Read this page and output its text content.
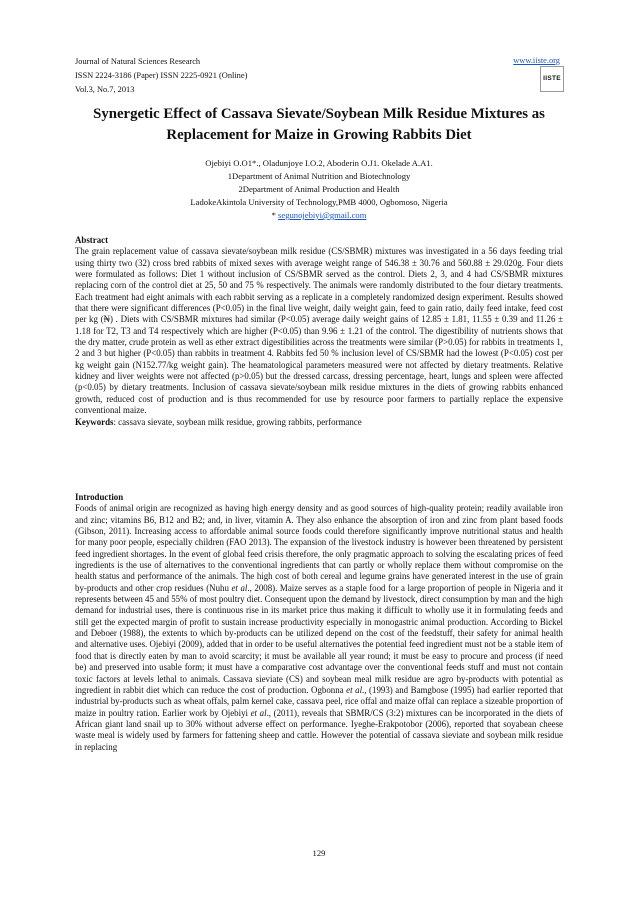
Journal of Natural Sciences Research
ISSN 2224-3186 (Paper) ISSN 2225-0921 (Online)
Vol.3, No.7, 2013
www.iiste.org
IISTE
Synergetic Effect of Cassava Sievate/Soybean Milk Residue Mixtures as Replacement for Maize in Growing Rabbits Diet
Ojebiyi O.O1*., Oladunjoye I.O.2, Aboderin O.J1. Okelade A.A1.
1Department of Animal Nutrition and Biotechnology
2Department of Animal Production and Health
LadokeAkintola University of Technology,PMB 4000, Ogbomoso, Nigeria
* segunojebiyi@gmail.com
Abstract
The grain replacement value of cassava sievate/soybean milk residue (CS/SBMR) mixtures was investigated in a 56 days feeding trial using thirty two (32) cross bred rabbits of mixed sexes with average weight range of 546.38 ± 30.76 and 560.88 ± 29.020g. Four diets were formulated as follows: Diet 1 without inclusion of CS/SBMR served as the control. Diets 2, 3, and 4 had CS/SBMR mixtures replacing corn of the control diet at 25, 50 and 75 % respectively. The animals were randomly distributed to the four dietary treatments. Each treatment had eight animals with each rabbit serving as a replicate in a completely randomized design experiment. Results showed that there were significant differences (P<0.05) in the final live weight, daily weight gain, feed to gain ratio, daily feed intake, feed cost per kg (₦) . Diets with CS/SBMR mixtures had similar (P<0.05) average daily weight gains of 12.85 ± 1.81, 11.55 ± 0.39 and 11.26 ± 1.18 for T2, T3 and T4 respectively which are higher (P<0.05) than 9.96 ± 1.21 of the control. The digestibility of nutrients shows that the dry matter, crude protein as well as ether extract digestibilities across the treatments were similar (P>0.05) for rabbits in treatments 1, 2 and 3 but higher (P<0.05) than rabbits in treatment 4. Rabbits fed 50 % inclusion level of CS/SBMR had the lowest (P<0.05) cost per kg weight gain (N152.77/kg weight gain). The heamatological parameters measured were not affected by dietary treatments. Relative kidney and liver weights were not affected (p>0.05) but the dressed carcass, dressing percentage, heart, lungs and spleen were affected (p<0.05) by dietary treatments. Inclusion of cassava sievate/soybean milk residue mixtures in the diets of growing rabbits enhanced growth, reduced cost of production and is thus recommended for use by resource poor farmers to partially replace the expensive conventional maize.
Keywords: cassava sievate, soybean milk residue, growing rabbits, performance
Introduction
Foods of animal origin are recognized as having high energy density and as good sources of high-quality protein; readily available iron and zinc; vitamins B6, B12 and B2; and, in liver, vitamin A. They also enhance the absorption of iron and zinc from plant based foods (Gibson, 2011). Increasing access to affordable animal source foods could therefore significantly improve nutritional status and health for many poor people, especially children (FAO 2013). The expansion of the livestock industry is however been threatened by persistent feed ingredient shortages. In the event of global feed crisis therefore, the only pragmatic approach to solving the escalating prices of feed ingredients is the use of alternatives to the conventional ingredients that can partly or wholly replace them without compromise on the health status and performance of the animals. The high cost of both cereal and legume grains have generated interest in the use of grain by-products and other crop residues (Nuhu et al., 2008). Maize serves as a staple food for a large proportion of people in Nigeria and it represents between 45 and 55% of most poultry diet. Consequent upon the demand by livestock, direct consumption by man and the high demand for industrial uses, there is continuous rise in its market price thus making it difficult to wholly use it in formulating feeds and still get the expected margin of profit to sustain increase productivity especially in monogastric animal production. According to Bickel and Deboer (1988), the extents to which by-products can be utilized depend on the cost of the feedstuff, their safety for animal health and alternative uses. Ojebiyi (2009), added that in order to be useful alternatives the potential feed ingredient must not be a stable item of food that is directly eaten by man to avoid scarcity; it must be available all year round; it must be easy to procure and process (if need be) and preserved into usable form; it must have a comparative cost advantage over the conventional feeds stuff and must not contain toxic factors at levels lethal to animals. Cassava sieviate (CS) and soybean meal milk residue are agro by-products with potential as ingredient in rabbit diet which can reduce the cost of production. Ogbonna et al., (1993) and Bamgbose (1995) had earlier reported that industrial by-products such as wheat offals, palm kernel cake, cassava peel, rice offal and maize offal can replace a sizeable proportion of maize in poultry ration. Earlier work by Ojebiyi et al., (2011), reveals that SBMR/CS (3:2) mixtures can be incorporated in the diets of African giant land snail up to 30% without adverse effect on performance. Iyeghe-Erakpotobor (2006), reported that soyabean cheese waste meal is widely used by farmers for fattening sheep and cattle. However the potential of cassava sieviate and soybean milk residue in replacing
129
